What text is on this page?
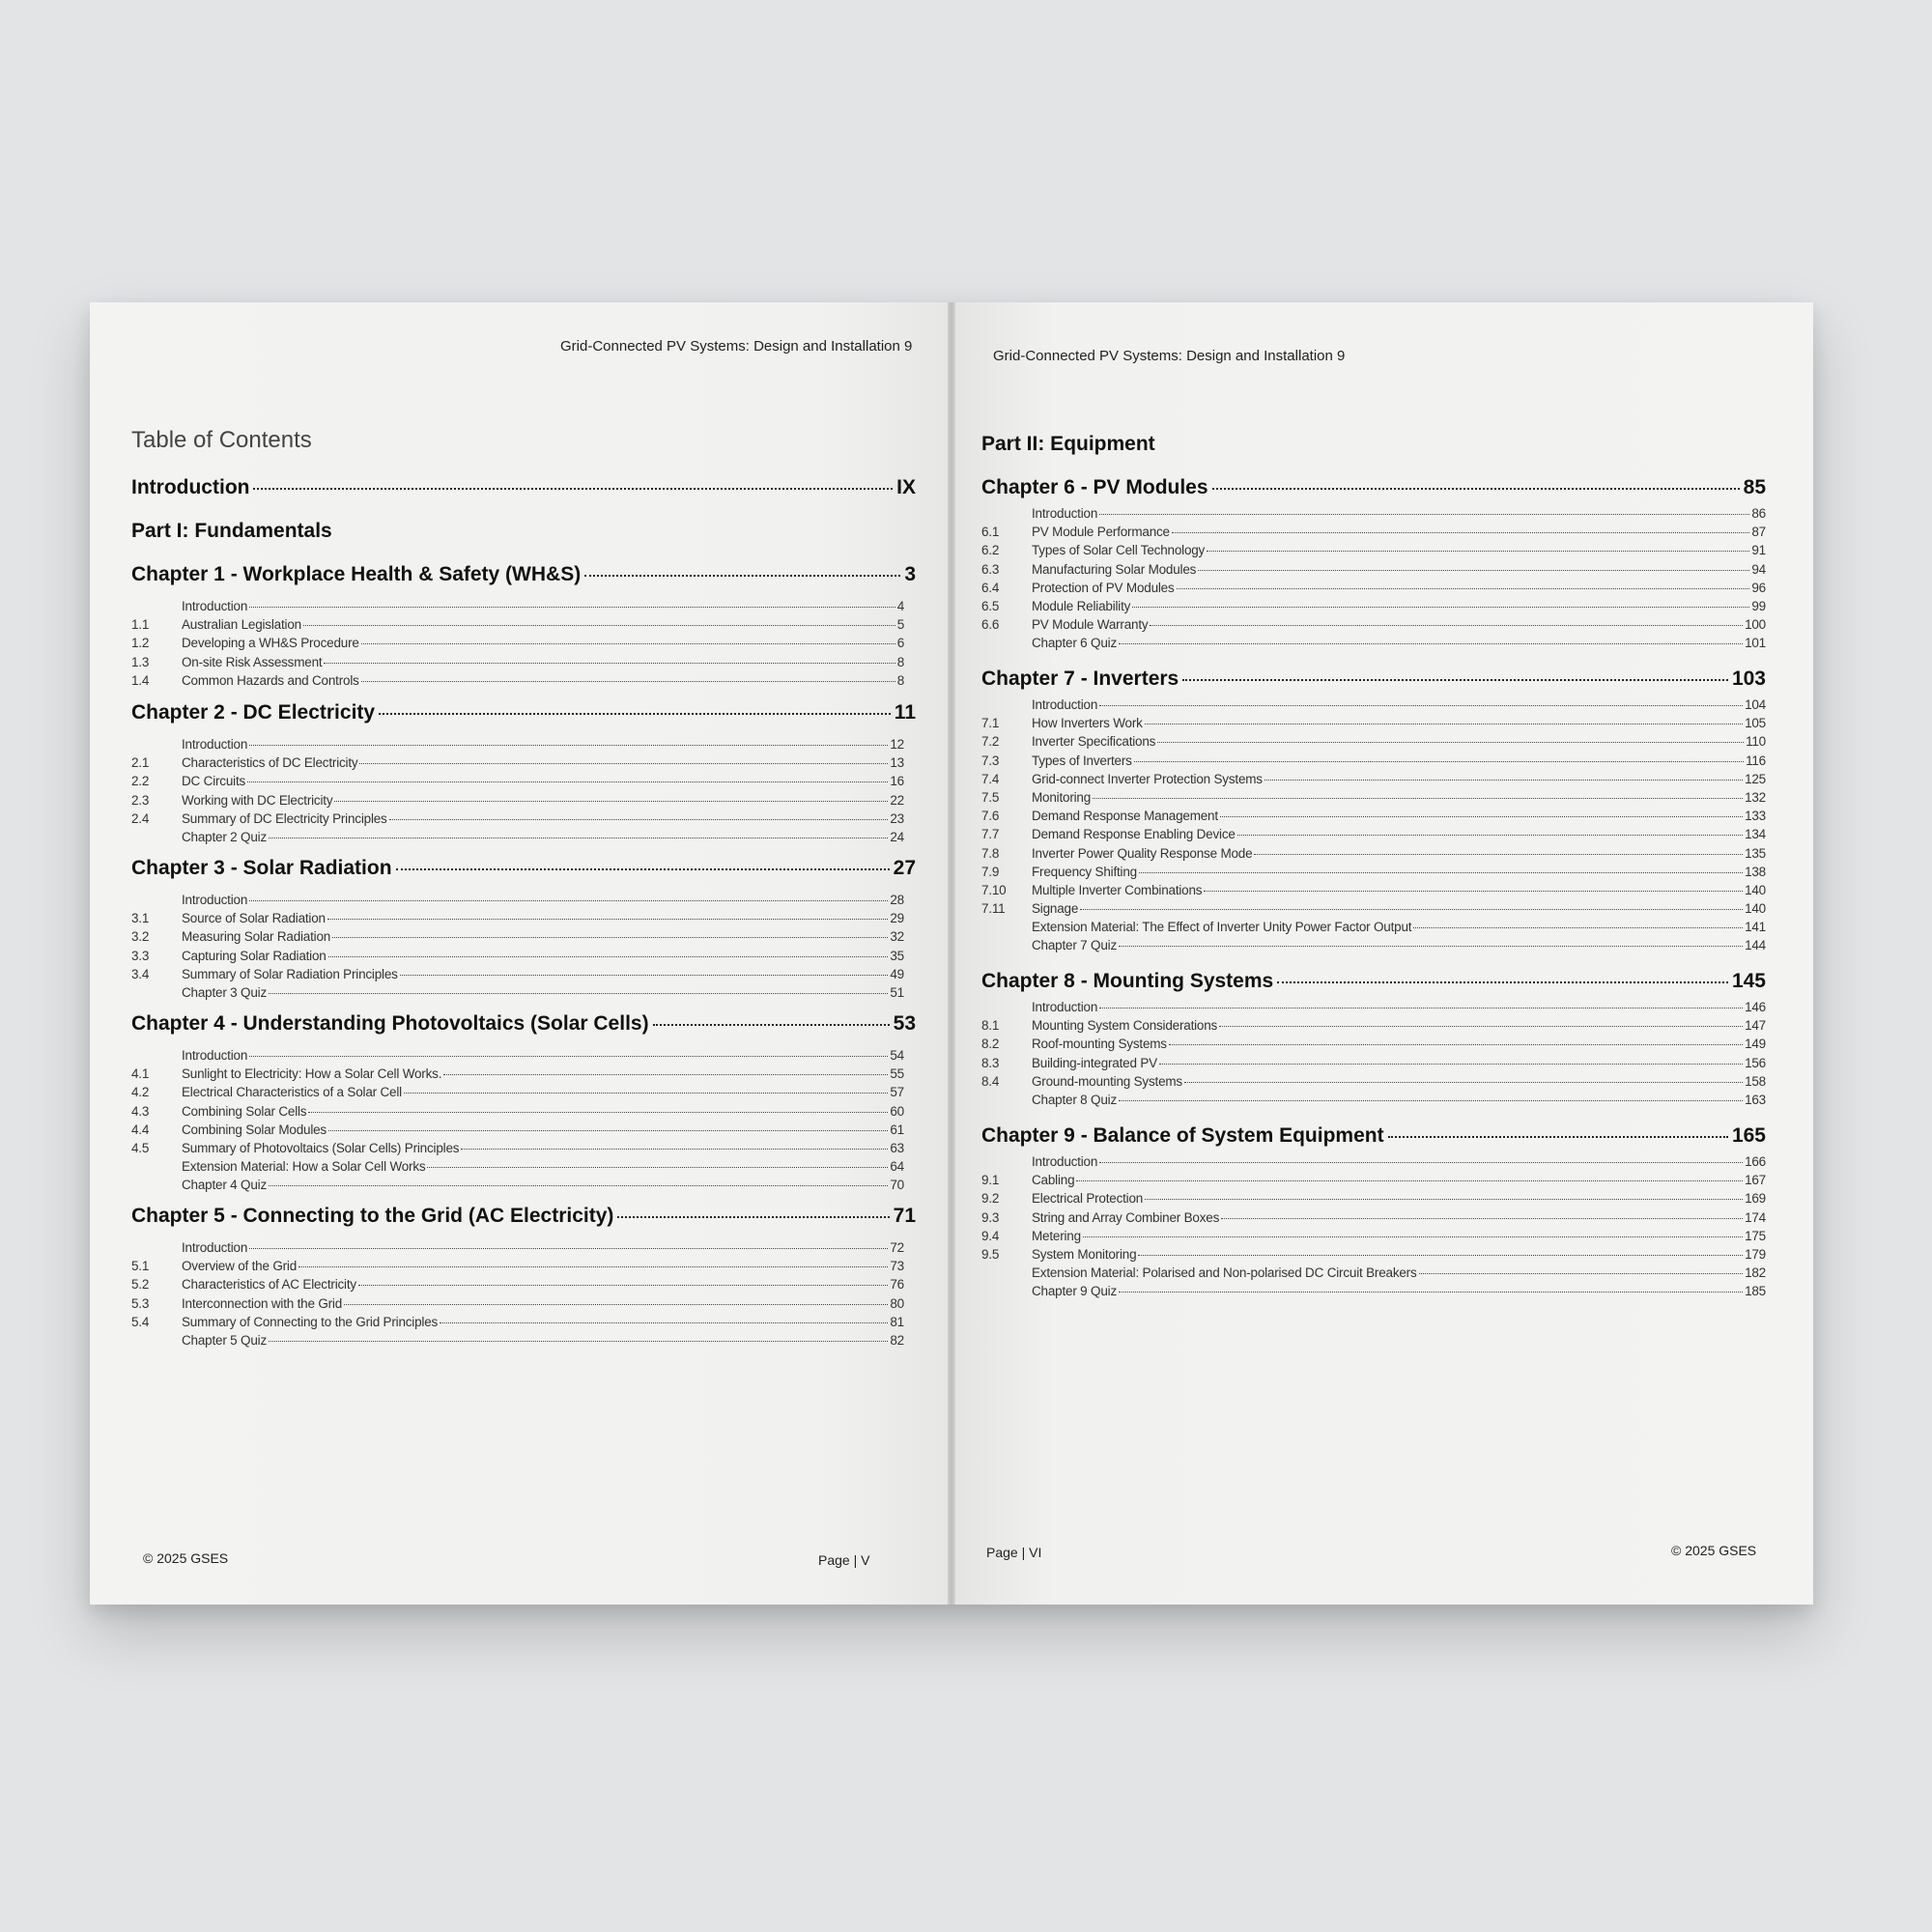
Grid-Connected PV Systems: Design and Installation 9
Table of Contents
Introduction	IX
Part I: Fundamentals
Chapter 1 - Workplace Health & Safety (WH&S)	3
Introduction	4
1.1	Australian Legislation	5
1.2	Developing a WH&S Procedure	6
1.3	On-site Risk Assessment	8
1.4	Common Hazards and Controls	8
Chapter 2 - DC Electricity	11
Introduction	12
2.1	Characteristics of DC Electricity	13
2.2	DC Circuits	16
2.3	Working with DC Electricity	22
2.4	Summary of DC Electricity Principles	23
Chapter 2 Quiz	24
Chapter 3 - Solar Radiation	27
Introduction	28
3.1	Source of Solar Radiation	29
3.2	Measuring Solar Radiation	32
3.3	Capturing Solar Radiation	35
3.4	Summary of Solar Radiation Principles	49
Chapter 3 Quiz	51
Chapter 4 - Understanding Photovoltaics (Solar Cells)	53
Introduction	54
4.1	Sunlight to Electricity: How a Solar Cell Works.	55
4.2	Electrical Characteristics of a Solar Cell	57
4.3	Combining Solar Cells	60
4.4	Combining Solar Modules	61
4.5	Summary of Photovoltaics (Solar Cells) Principles	63
Extension Material: How a Solar Cell Works	64
Chapter 4 Quiz	70
Chapter 5 - Connecting to the Grid (AC Electricity)	71
Introduction	72
5.1	Overview of the Grid	73
5.2	Characteristics of AC Electricity	76
5.3	Interconnection with the Grid	80
5.4	Summary of Connecting to the Grid Principles	81
Chapter 5 Quiz	82
© 2025 GSES	Page | V
Grid-Connected PV Systems: Design and Installation 9
Part II: Equipment
Chapter 6 - PV Modules	85
Introduction	86
6.1	PV Module Performance	87
6.2	Types of Solar Cell Technology	91
6.3	Manufacturing Solar Modules	94
6.4	Protection of PV Modules	96
6.5	Module Reliability	99
6.6	PV Module Warranty	100
Chapter 6 Quiz	101
Chapter 7 - Inverters	103
Introduction	104
7.1	How Inverters Work	105
7.2	Inverter Specifications	110
7.3	Types of Inverters	116
7.4	Grid-connect Inverter Protection Systems	125
7.5	Monitoring	132
7.6	Demand Response Management	133
7.7	Demand Response Enabling Device	134
7.8	Inverter Power Quality Response Mode	135
7.9	Frequency Shifting	138
7.10	Multiple Inverter Combinations	140
7.11	Signage	140
Extension Material: The Effect of Inverter Unity Power Factor Output	141
Chapter 7 Quiz	144
Chapter 8 - Mounting Systems	145
Introduction	146
8.1	Mounting System Considerations	147
8.2	Roof-mounting Systems	149
8.3	Building-integrated PV	156
8.4	Ground-mounting Systems	158
Chapter 8 Quiz	163
Chapter 9 - Balance of System Equipment	165
Introduction	166
9.1	Cabling	167
9.2	Electrical Protection	169
9.3	String and Array Combiner Boxes	174
9.4	Metering	175
9.5	System Monitoring	179
Extension Material: Polarised and Non-polarised DC Circuit Breakers	182
Chapter 9 Quiz	185
Page | VI	© 2025 GSES
